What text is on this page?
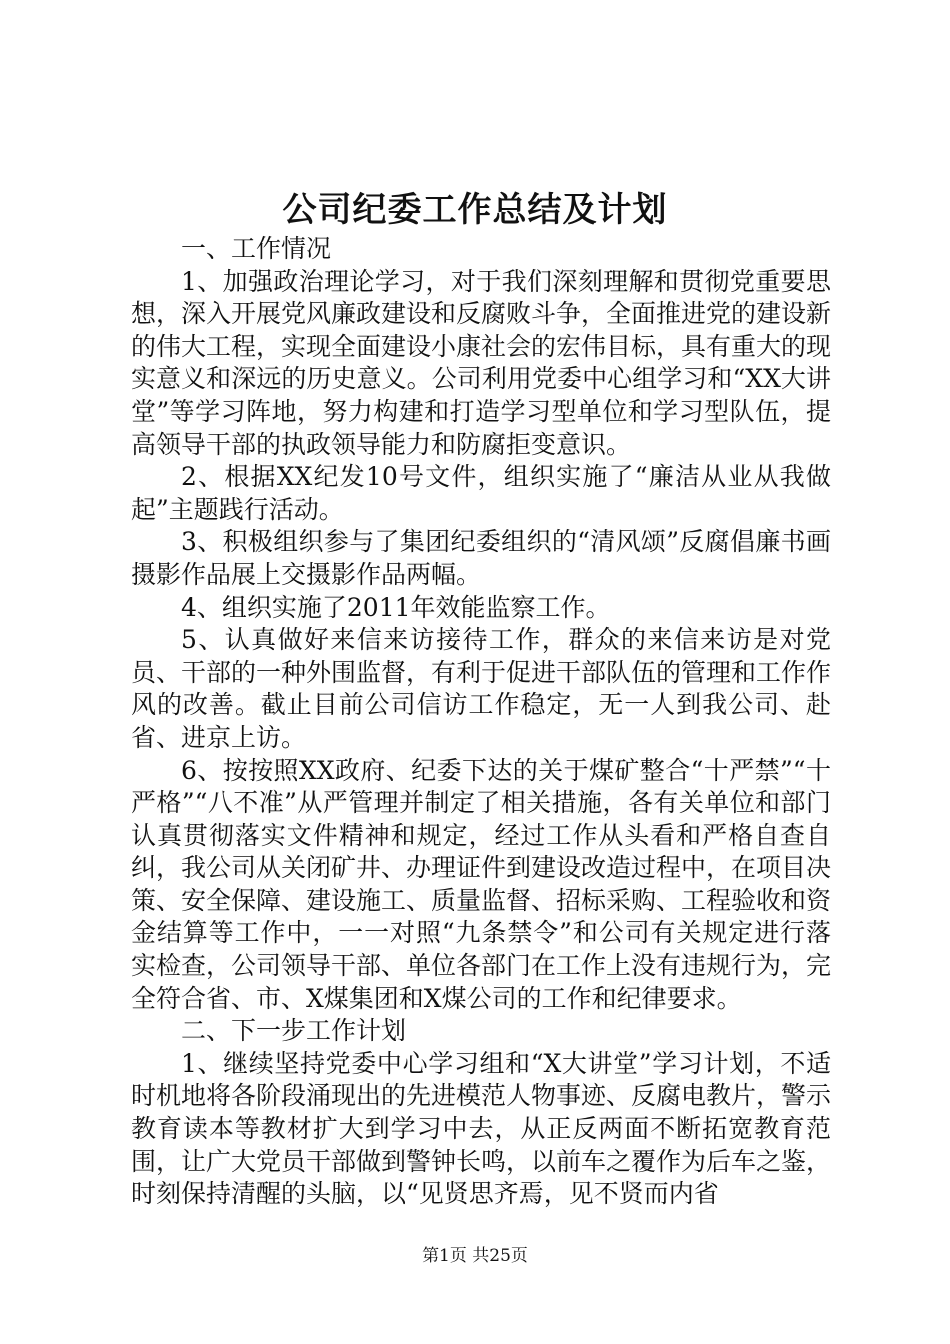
公司纪委工作总结及计划

一、工作情况

1、加强政治理论学习，对于我们深刻理解和贯彻党重要思想，深入开展党风廉政建设和反腐败斗争，全面推进党的建设新的伟大工程，实现全面建设小康社会的宏伟目标，具有重大的现实意义和深远的历史意义。公司利用党委中心组学习和“XX大讲堂”等学习阵地，努力构建和打造学习型单位和学习型队伍，提高领导干部的执政领导能力和防腐拒变意识。

2、根据XX纪发10号文件，组织实施了“廉洁从业从我做起”主题践行活动。

3、积极组织参与了集团纪委组织的“清风颂”反腐倡廉书画摄影作品展上交摄影作品两幅。

4、组织实施了2011年效能监察工作。

5、认真做好来信来访接待工作，群众的来信来访是对党员、干部的一种外围监督，有利于促进干部队伍的管理和工作作风的改善。截止目前公司信访工作稳定，无一人到我公司、赴省、进京上访。

6、按按照XX政府、纪委下达的关于煤矿整合“十严禁”“十严格”“八不准”从严管理并制定了相关措施，各有关单位和部门认真贯彻落实文件精神和规定，经过工作从头看和严格自查自纠，我公司从关闭矿井、办理证件到建设改造过程中，在项目决策、安全保障、建设施工、质量监督、招标采购、工程验收和资金结算等工作中，一一对照“九条禁令”和公司有关规定进行落实检查，公司领导干部、单位各部门在工作上没有违规行为，完全符合省、市、X煤集团和X煤公司的工作和纪律要求。

二、下一步工作计划

1、继续坚持党委中心学习组和“X大讲堂”学习计划，不适时机地将各阶段涌现出的先进模范人物事迹、反腐电教片，警示教育读本等教材扩大到学习中去，从正反两面不断拓宽教育范围，让广大党员干部做到警钟长鸣，以前车之覆作为后车之鉴，时刻保持清醒的头脑，以“见贤思齐焉，见不贤而内省

第1页 共25页
